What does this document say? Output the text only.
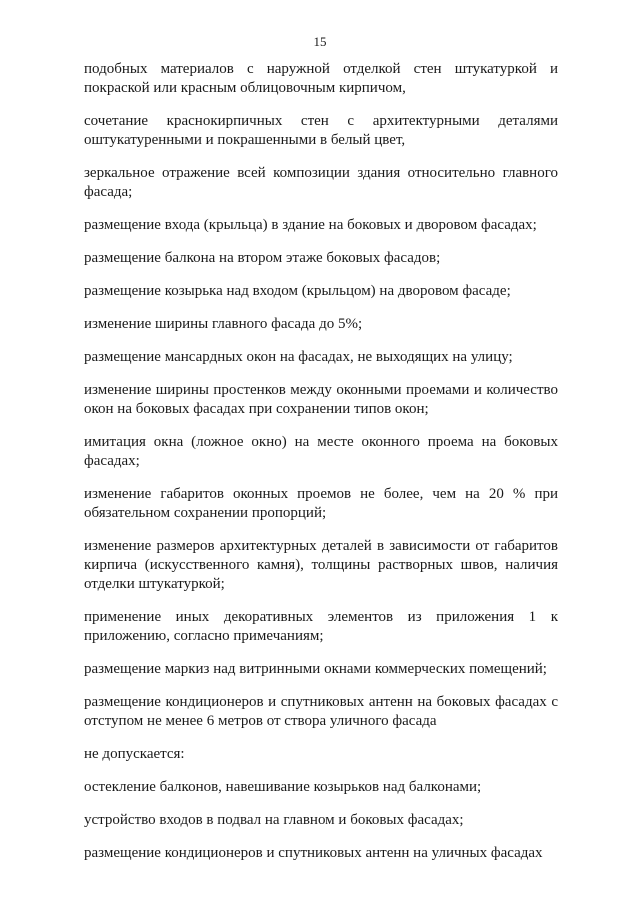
15

подобных материалов с наружной отделкой стен штукатуркой и покраской или красным облицовочным кирпичом,

сочетание краснокирпичных стен с архитектурными деталями оштукатуренными и покрашенными в белый цвет,

зеркальное отражение всей композиции здания относительно главного фасада;

размещение входа (крыльца) в здание на боковых и дворовом фасадах;

размещение балкона на втором этаже боковых фасадов;

размещение козырька над входом (крыльцом) на дворовом фасаде;

изменение ширины главного фасада до 5%;

размещение мансардных окон на фасадах, не выходящих на улицу;

изменение ширины простенков между оконными проемами и количество окон на боковых фасадах при сохранении типов окон;

имитация окна (ложное окно) на месте оконного проема на боковых фасадах;

изменение габаритов оконных проемов не более, чем на 20 % при обязательном сохранении пропорций;

изменение размеров архитектурных деталей в зависимости от габаритов кирпича (искусственного камня), толщины растворных швов, наличия отделки штукатуркой;

применение иных декоративных элементов из приложения 1 к приложению, согласно примечаниям;

размещение маркиз над витринными окнами коммерческих помещений;

размещение кондиционеров и спутниковых антенн на боковых фасадах с отступом не менее 6 метров от створа уличного фасада

не допускается:

остекление балконов, навешивание козырьков над балконами;

устройство входов в подвал на главном и боковых фасадах;

размещение кондиционеров и спутниковых антенн на уличных фасадах
